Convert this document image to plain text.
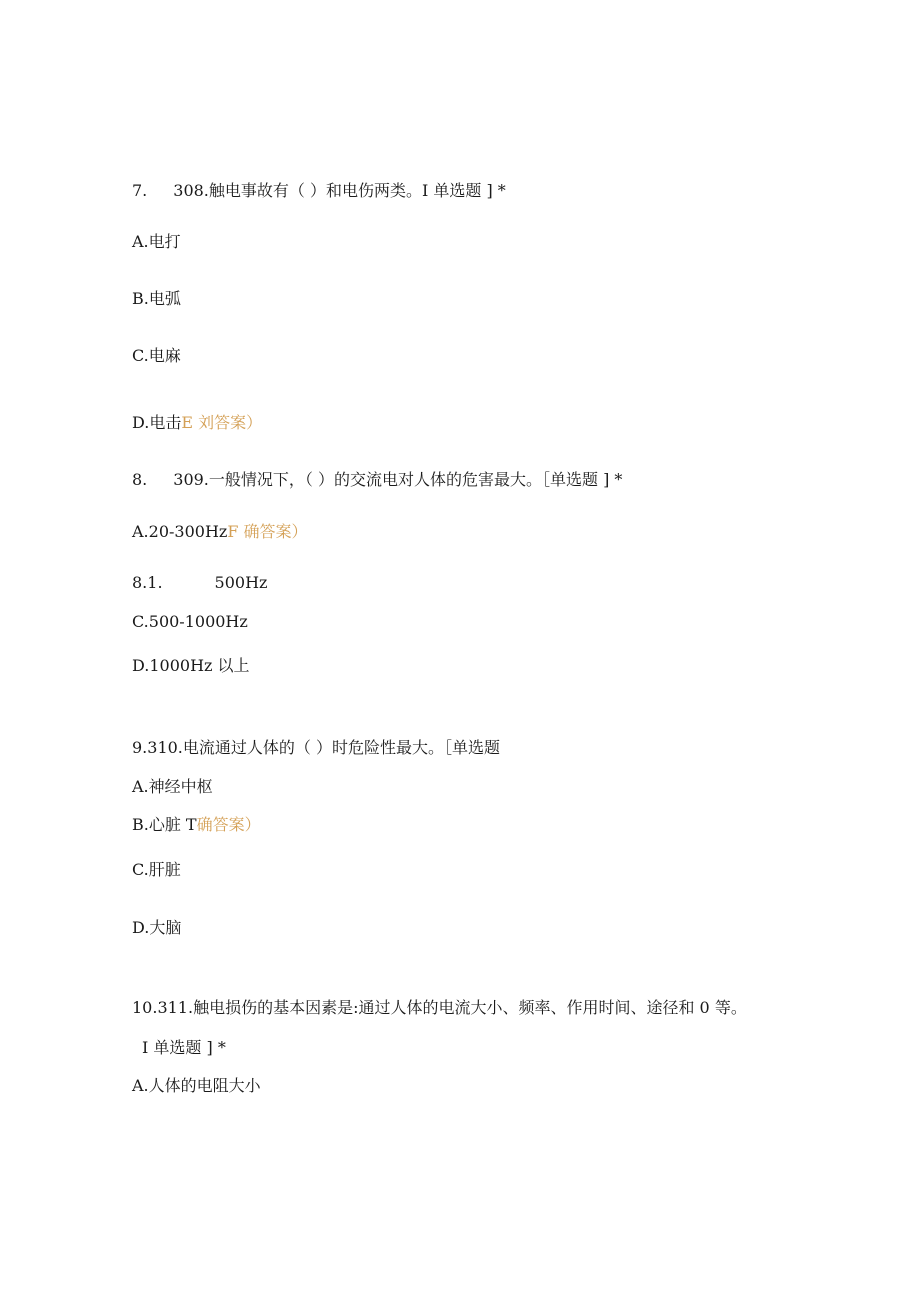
7. 308.触电事故有（ ）和电伤两类。I 单选题 ] *
A.电打
B.电弧
C.电麻
D.电击E 刘答案）
8. 309.一般情况下，（ ）的交流电对人体的危害最大。［单选题 ] *
A.20-300HzF 确答案）
8.1.	500Hz
C.500-1000Hz
D.1000Hz 以上
9.310.电流通过人体的（ ）时危险性最大。［单选题
A.神经中枢
B.心脏 T确答案）
C.肝脏
D.大脑
10.311.触电损伤的基本因素是:通过人体的电流大小、频率、作用时间、途径和 0 等。
I 单选题 ] *
A.人体的电阻大小
